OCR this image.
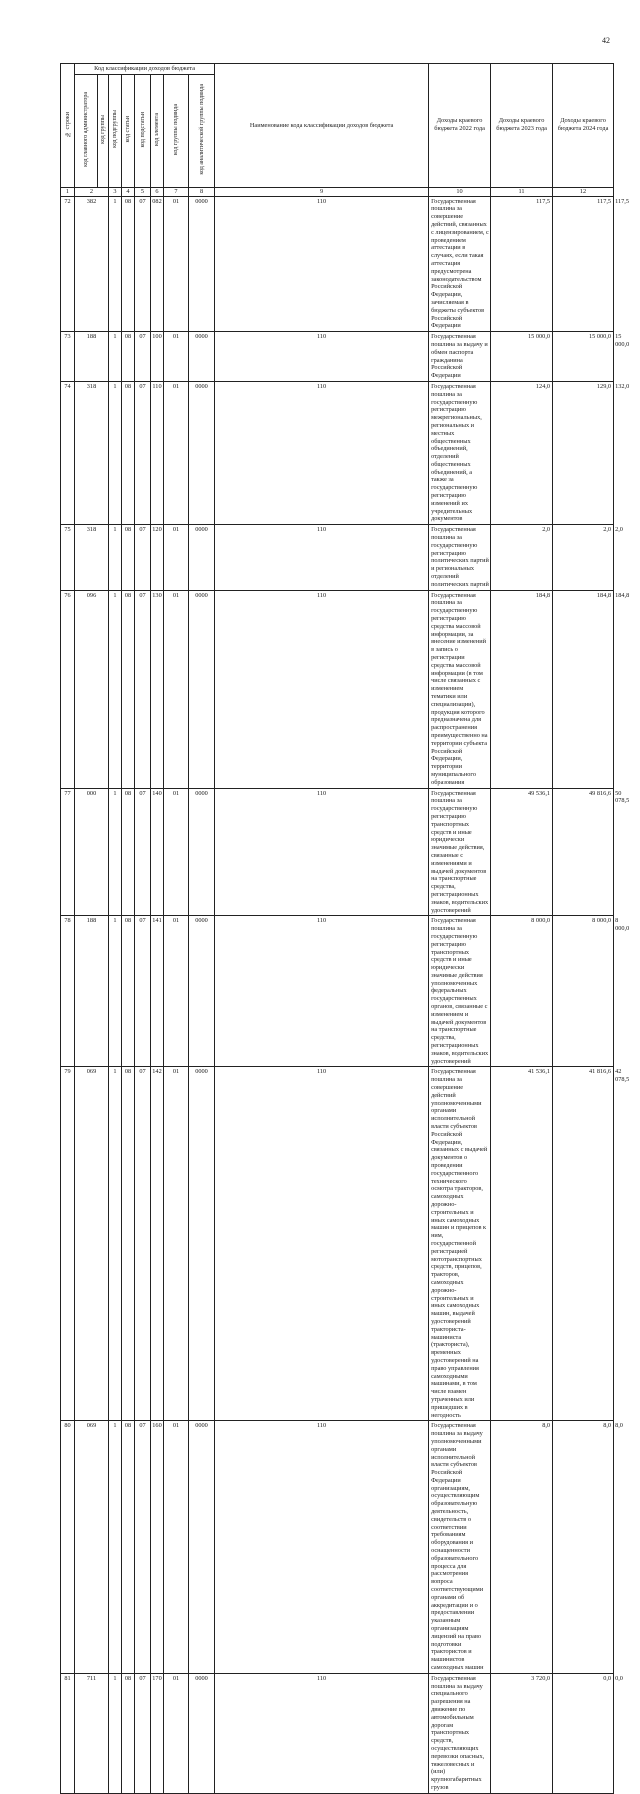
42
№ строки	Код классификации доходов бюджета								Наименование кода классификации доходов бюджета	Доходы краевого бюджета 2022 года	Доходы краевого бюджета 2023 года	Доходы краевого бюджета 2024 года	
	код главного администратора	код группы	код подгруппы	код статьи	код подстатьи	код элемента	код группы подвида	код аналитической группы подвида					
1	2		3	4	5	6	7	8	9	10	11	12	
72	382		1	08	07	082	01	0000	110	Государственная пошлина за совершение действий, связанных с лицензированием, с проведением аттестации в случаях, если такая аттестация предусмотрена законодательством Российской Федерации, зачисляемая в бюджеты субъектов Российской Федерации	117,5	117,5	117,5
73	188		1	08	07	100	01	0000	110	Государственная пошлина за выдачу и обмен паспорта гражданина Российской Федерации	15 000,0	15 000,0	15 000,0
74	318		1	08	07	110	01	0000	110	Государственная пошлина за государственную регистрацию межрегиональных, региональных и местных общественных объединений, отделений общественных объединений, а также за государственную регистрацию изменений их учредительных документов	124,0	129,0	132,0
75	318		1	08	07	120	01	0000	110	Государственная пошлина за государственную регистрацию политических партий и региональных отделений политических партий	2,0	2,0	2,0
76	096		1	08	07	130	01	0000	110	Государственная пошлина за государственную регистрацию средства массовой информации, за внесение изменений в запись о регистрации средства массовой информации (в том числе связанных с изменением тематики или специализации), продукция которого предназначена для распространения преимущественно на территории субъекта Российской Федерации, территории муниципального образования	184,8	184,8	184,8
77	000		1	08	07	140	01	0000	110	Государственная пошлина за государственную регистрацию транспортных средств и иные юридически значимые действия, связанные с изменениями и выдачей документов на транспортные средства, регистрационных знаков, водительских удостоверений	49 536,1	49 816,6	50 078,5
78	188		1	08	07	141	01	0000	110	Государственная пошлина за государственную регистрацию транспортных средств и иные юридически значимые действия уполномоченных федеральных государственных органов, связанные с изменением и выдачей документов на транспортные средства, регистрационных знаков, водительских удостоверений	8 000,0	8 000,0	8 000,0
79	069		1	08	07	142	01	0000	110	Государственная пошлина за совершение действий уполномоченными органами исполнительной власти субъектов Российской Федерации, связанных с выдачей документов о проведении государственного технического осмотра тракторов, самоходных дорожно-строительных и иных самоходных машин и прицепов к ним, государственной регистрацией мототранспортных средств, прицепов, тракторов, самоходных дорожно-строительных и иных самоходных машин, выдачей удостоверений тракториста-машиниста (тракториста), временных удостоверений на право управления самоходными машинами, в том числе взамен утраченных или пришедших в негодность	41 536,1	41 816,6	42 078,5
80	069		1	08	07	160	01	0000	110	Государственная пошлина за выдачу уполномоченными органами исполнительной власти субъектов Российской Федерации организациям, осуществляющим образовательную деятельность, свидетельств о соответствии требованиям оборудования и оснащенности образовательного процесса для рассмотрения вопроса соответствующими органами об аккредитации и о предоставлении указанным организациям лицензий на право подготовки трактористов и машинистов самоходных машин	8,0	8,0	8,0
81	711		1	08	07	170	01	0000	110	Государственная пошлина за выдачу специального разрешения на движение по автомобильным дорогам транспортных средств, осуществляющих перевозки опасных, тяжеловесных и (или) крупногабаритных грузов	3 720,0	0,0	0,0
